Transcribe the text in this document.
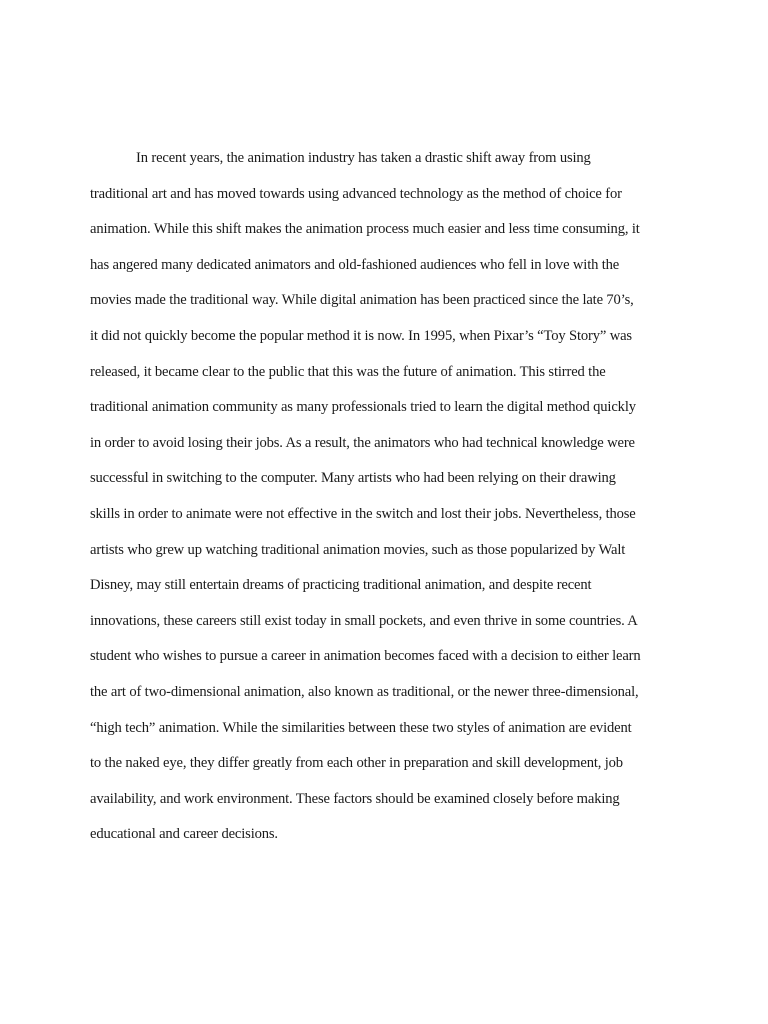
In recent years, the animation industry has taken a drastic shift away from using
traditional art and has moved towards using advanced technology as the method of choice for
animation. While this shift makes the animation process much easier and less time consuming, it
has angered many dedicated animators and old-fashioned audiences who fell in love with the
movies made the traditional way. While digital animation has been practiced since the late 70’s,
it did not quickly become the popular method it is now. In 1995, when Pixar’s “Toy Story” was
released, it became clear to the public that this was the future of animation. This stirred the
traditional animation community as many professionals tried to learn the digital method quickly
in order to avoid losing their jobs. As a result, the animators who had technical knowledge were
successful in switching to the computer. Many artists who had been relying on their drawing
skills in order to animate were not effective in the switch and lost their jobs. Nevertheless, those
artists who grew up watching traditional animation movies, such as those popularized by Walt
Disney, may still entertain dreams of practicing traditional animation, and despite recent
innovations, these careers still exist today in small pockets, and even thrive in some countries. A
student who wishes to pursue a career in animation becomes faced with a decision to either learn
the art of two-dimensional animation, also known as traditional, or the newer three-dimensional,
“high tech” animation. While the similarities between these two styles of animation are evident
to the naked eye, they differ greatly from each other in preparation and skill development, job
availability, and work environment. These factors should be examined closely before making
educational and career decisions.
